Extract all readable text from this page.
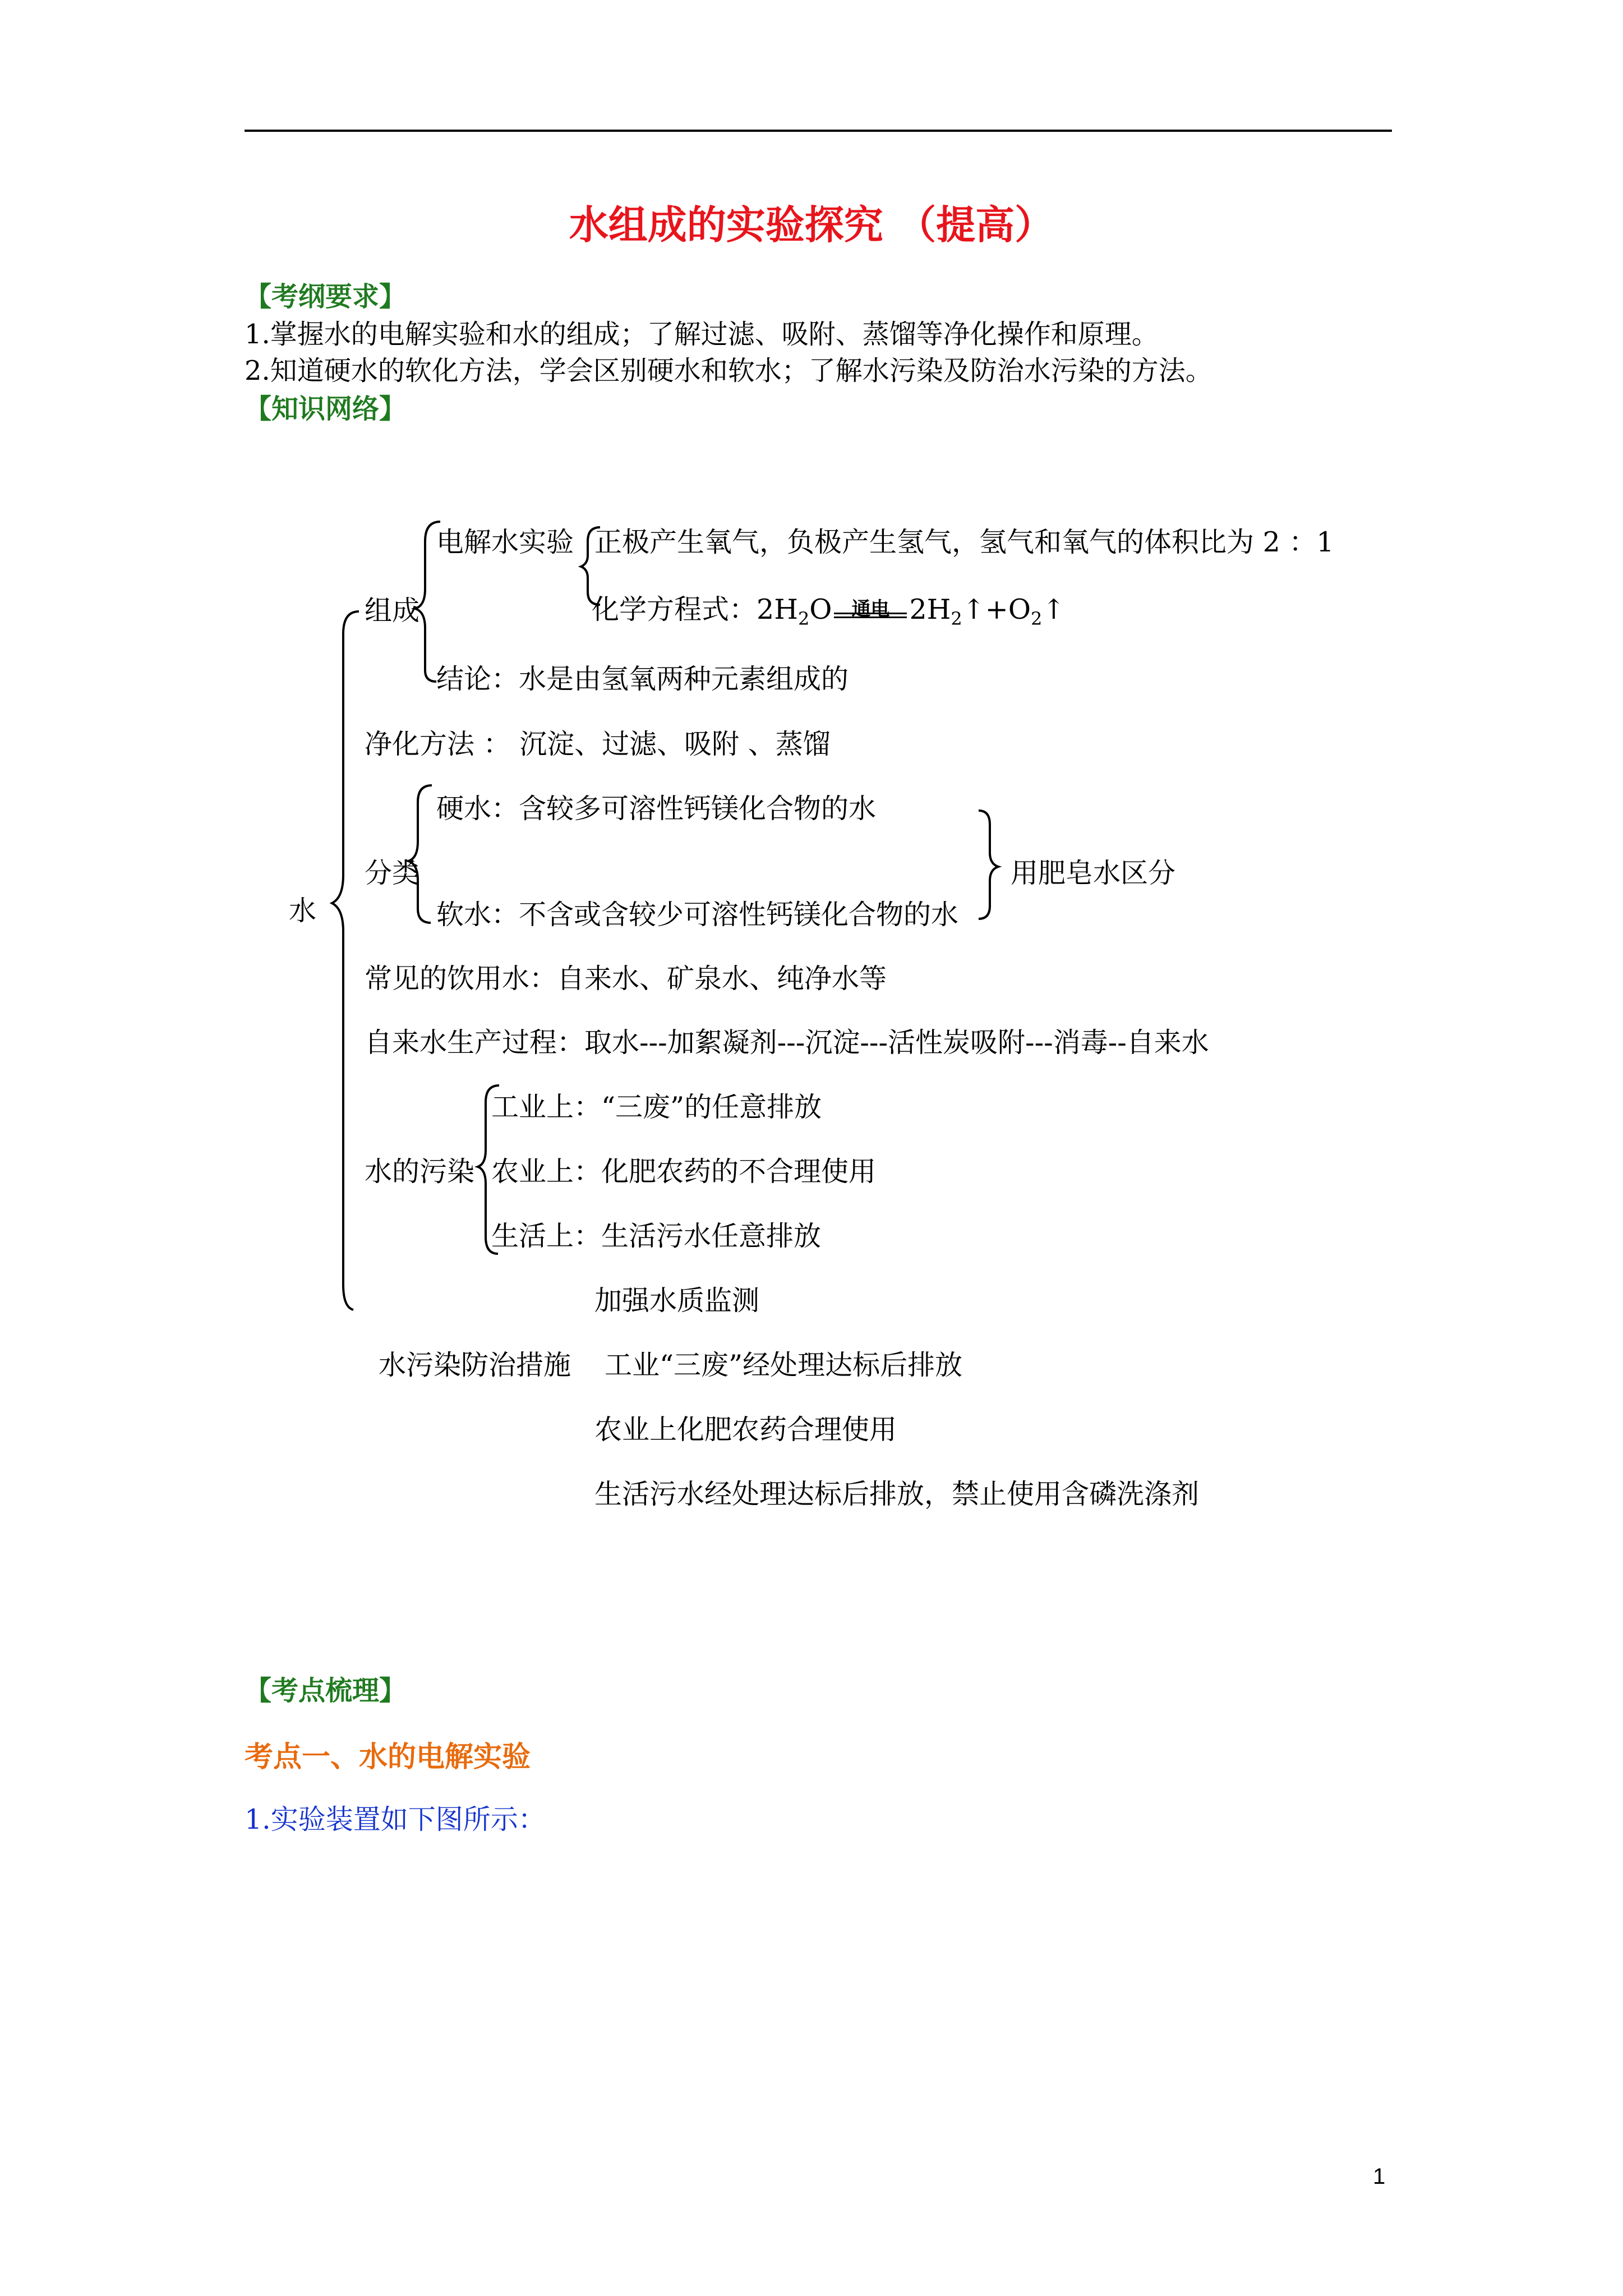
水组成的实验探究 （提高）
【考纲要求】
1.掌握水的电解实验和水的组成；了解过滤、吸附、蒸馏等净化操作和原理。
2.知道硬水的软化方法，学会区别硬水和软水；了解水污染及防治水污染的方法。
【知识网络】
水
组成
电解水实验 正极产生氧气，负极产生氢气，氢气和氧气的体积比为 2 ：1
化学方程式：$2H_2O$	通电 $2H_2↑+O_2↑$
结论：水是由氢氧两种元素组成的
净化方法 ： 沉淀、过滤、吸附 、蒸馏
硬水：含较多可溶性钙镁化合物的水
分类
软水：不含或含较少可溶性钙镁化合物的水
用肥皂水区分
常见的饮用水：自来水、矿泉水、纯净水等
自来水生产过程：取水---加絮凝剂---沉淀---活性炭吸附---消毒--自来水
工业上：“三废”的任意排放
水的污染 农业上：化肥农药的不合理使用
生活上：生活污水任意排放
加强水质监测
水污染防治措施 工业“三废”经处理达标后排放
农业上化肥农药合理使用
生活污水经处理达标后排放，禁止使用含磷洗涤剂
【考点梳理】
考点一、水的电解实验
1.实验装置如下图所示：
1
